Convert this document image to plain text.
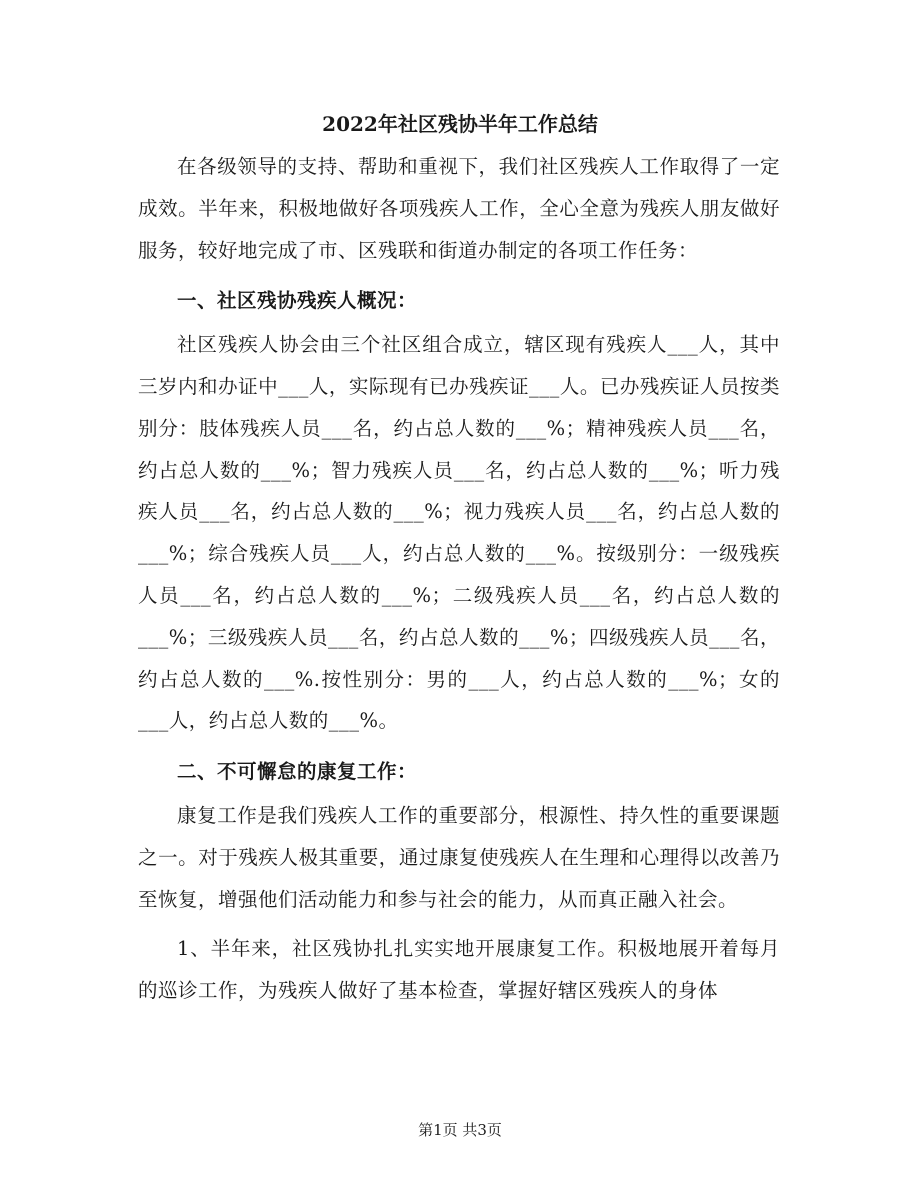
2022年社区残协半年工作总结

在各级领导的支持、帮助和重视下，我们社区残疾人工作取得了一定成效。半年来，积极地做好各项残疾人工作，全心全意为残疾人朋友做好服务，较好地完成了市、区残联和街道办制定的各项工作任务：

一、社区残协残疾人概况：

社区残疾人协会由三个社区组合成立，辖区现有残疾人___人，其中三岁内和办证中___人，实际现有已办残疾证___人。已办残疾证人员按类别分：肢体残疾人员___名，约占总人数的___%；精神残疾人员___名，约占总人数的___%；智力残疾人员___名，约占总人数的___%；听力残疾人员___名，约占总人数的___%；视力残疾人员___名，约占总人数的___%；综合残疾人员___人，约占总人数的___%。按级别分：一级残疾人员___名，约占总人数的___%；二级残疾人员___名，约占总人数的___%；三级残疾人员___名，约占总人数的___%；四级残疾人员___名，约占总人数的___%.按性别分：男的___人，约占总人数的___%；女的___人，约占总人数的___%。

二、不可懈怠的康复工作：

康复工作是我们残疾人工作的重要部分，根源性、持久性的重要课题之一。对于残疾人极其重要，通过康复使残疾人在生理和心理得以改善乃至恢复，增强他们活动能力和参与社会的能力，从而真正融入社会。

1、半年来，社区残协扎扎实实地开展康复工作。积极地展开着每月的巡诊工作，为残疾人做好了基本检查，掌握好辖区残疾人的身体

第1页 共3页
